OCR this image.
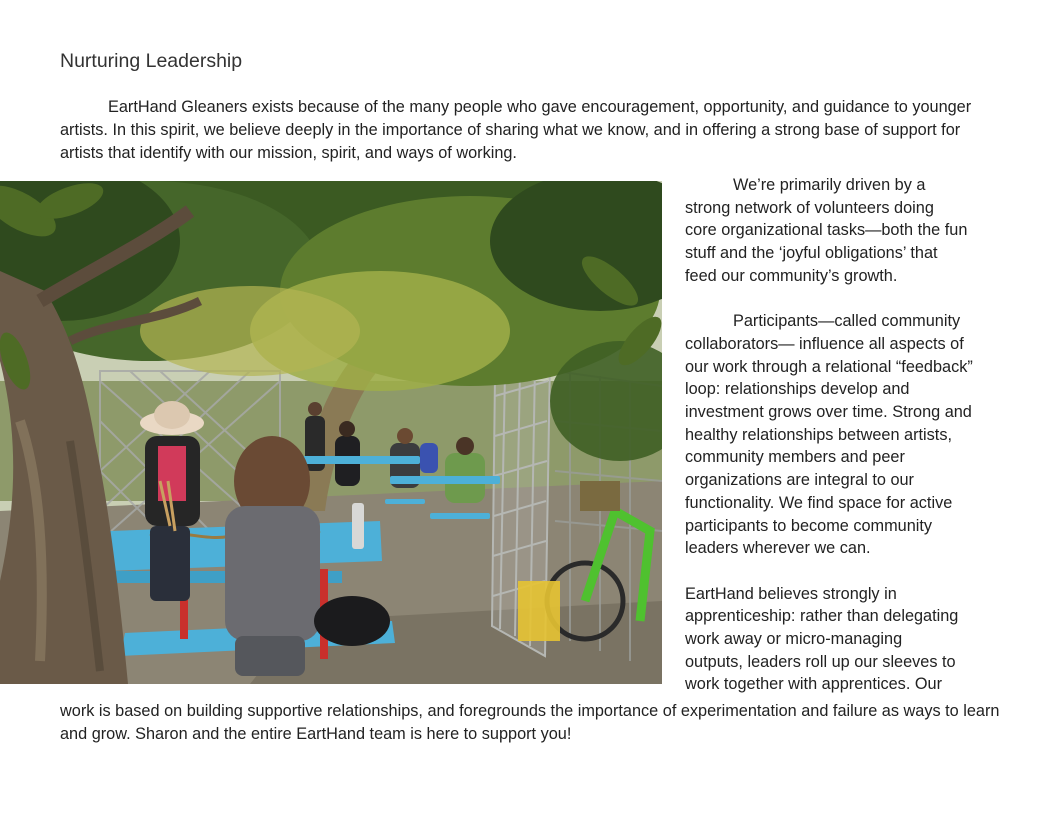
Nurturing Leadership

EartHand Gleaners exists because of the many people who gave encouragement, opportunity, and guidance to younger artists. In this spirit, we believe deeply in the importance of sharing what we know, and in offering a strong base of support for artists that identify with our mission, spirit, and ways of working.

We’re primarily driven by a

strong network of volunteers doing

core organizational tasks—both the fun

stuff and the ‘joyful obligations’ that

feed our community’s growth.

Participants—called community

collaborators— influence all aspects of

our work through a relational “feedback”

loop: relationships develop and

investment grows over time. Strong and

healthy relationships between artists,

community members and peer

organizations are integral to our

functionality. We find space for active

participants to become community

leaders wherever we can.

EartHand believes strongly in

apprenticeship: rather than delegating

work away or micro-managing

outputs, leaders roll up our sleeves to

work together with apprentices. Our

work is based on building supportive relationships, and foregrounds the importance of experimentation and failure as ways to learn and grow. Sharon and the entire EartHand team is here to support you!
